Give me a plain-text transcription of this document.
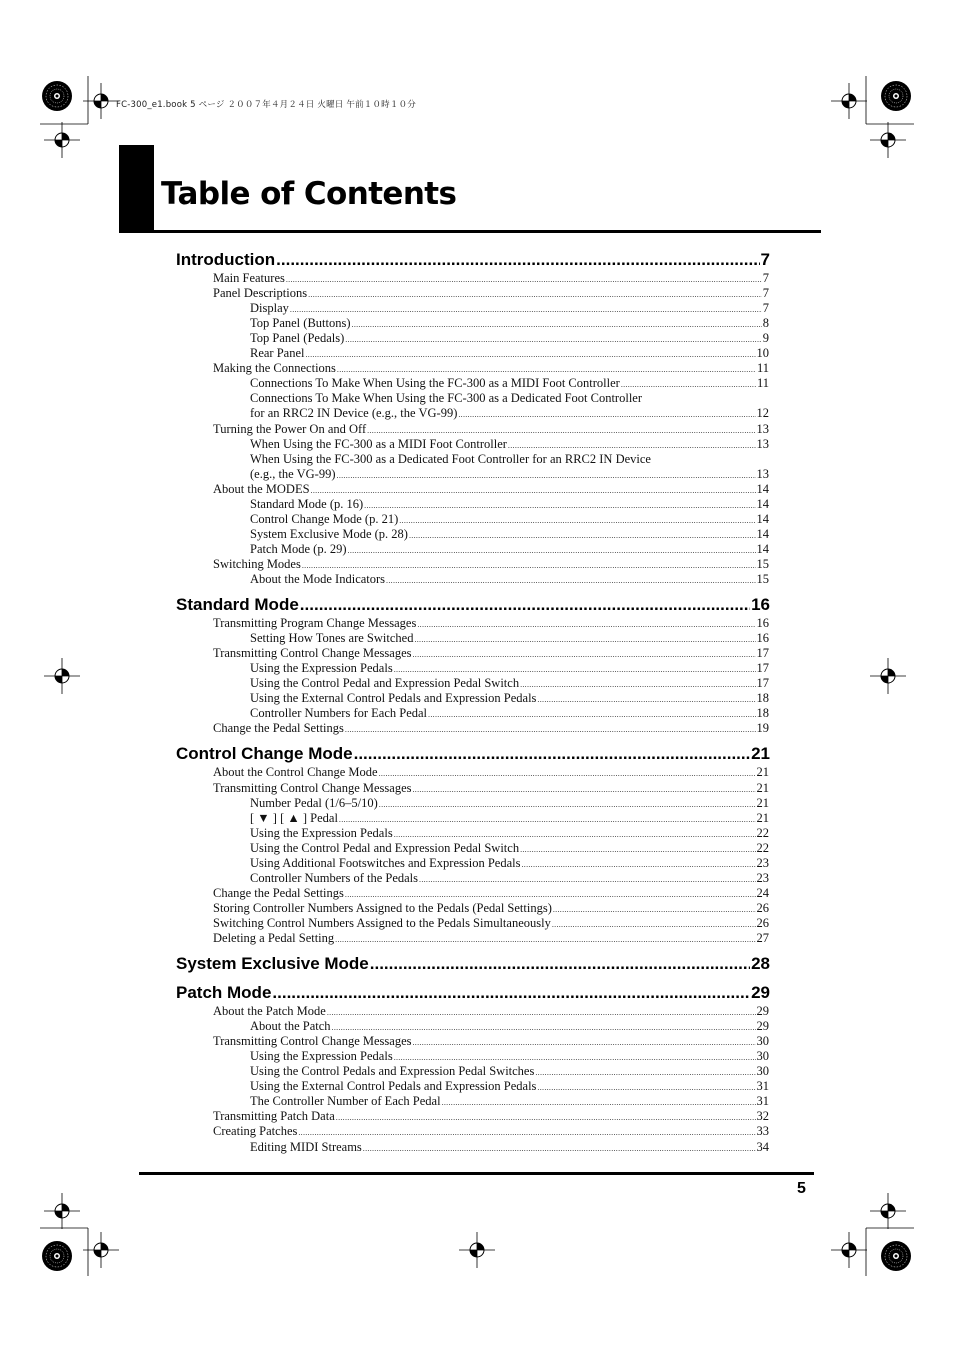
FC-300_e1.book 5 ページ ２００７年４月２４日 火曜日 午前１０時１０分
Table of Contents
Introduction .....	7
Main Features .....	7
Panel Descriptions .....	7
Display .....	7
Top Panel (Buttons) .....	8
Top Panel (Pedals) .....	9
Rear Panel .....	10
Making the Connections .....	11
Connections To Make When Using the FC-300 as a MIDI Foot Controller .....	11
Connections To Make When Using the FC-300 as a Dedicated Foot Controller
for an RRC2 IN Device (e.g., the VG-99) .....	12
Turning the Power On and Off .....	13
When Using the FC-300 as a MIDI Foot Controller .....	13
When Using the FC-300 as a Dedicated Foot Controller for an RRC2 IN Device
(e.g., the VG-99) .....	13
About the MODES .....	14
Standard Mode (p. 16) .....	14
Control Change Mode (p. 21) .....	14
System Exclusive Mode (p. 28) .....	14
Patch Mode (p. 29) .....	14
Switching Modes .....	15
About the Mode Indicators .....	15
Standard Mode .....	16
Transmitting Program Change Messages .....	16
Setting How Tones are Switched .....	16
Transmitting Control Change Messages .....	17
Using the Expression Pedals .....	17
Using the Control Pedal and Expression Pedal Switch .....	17
Using the External Control Pedals and Expression Pedals .....	18
Controller Numbers for Each Pedal .....	18
Change the Pedal Settings .....	19
Control Change Mode .....	21
About the Control Change Mode .....	21
Transmitting Control Change Messages .....	21
Number Pedal (1/6–5/10) .....	21
[ ▼ ] [ ▲ ] Pedal .....	21
Using the Expression Pedals .....	22
Using the Control Pedal and Expression Pedal Switch .....	22
Using Additional Footswitches and Expression Pedals .....	23
Controller Numbers of the Pedals .....	23
Change the Pedal Settings .....	24
Storing Controller Numbers Assigned to the Pedals (Pedal Settings) .....	26
Switching Control Numbers Assigned to the Pedals Simultaneously .....	26
Deleting a Pedal Setting .....	27
System Exclusive Mode .....	28
Patch Mode .....	29
About the Patch Mode .....	29
About the Patch .....	29
Transmitting Control Change Messages .....	30
Using the Expression Pedals .....	30
Using the Control Pedals and Expression Pedal Switches .....	30
Using the External Control Pedals and Expression Pedals .....	31
The Controller Number of Each Pedal .....	31
Transmitting Patch Data .....	32
Creating Patches .....	33
Editing MIDI Streams .....	34
5
